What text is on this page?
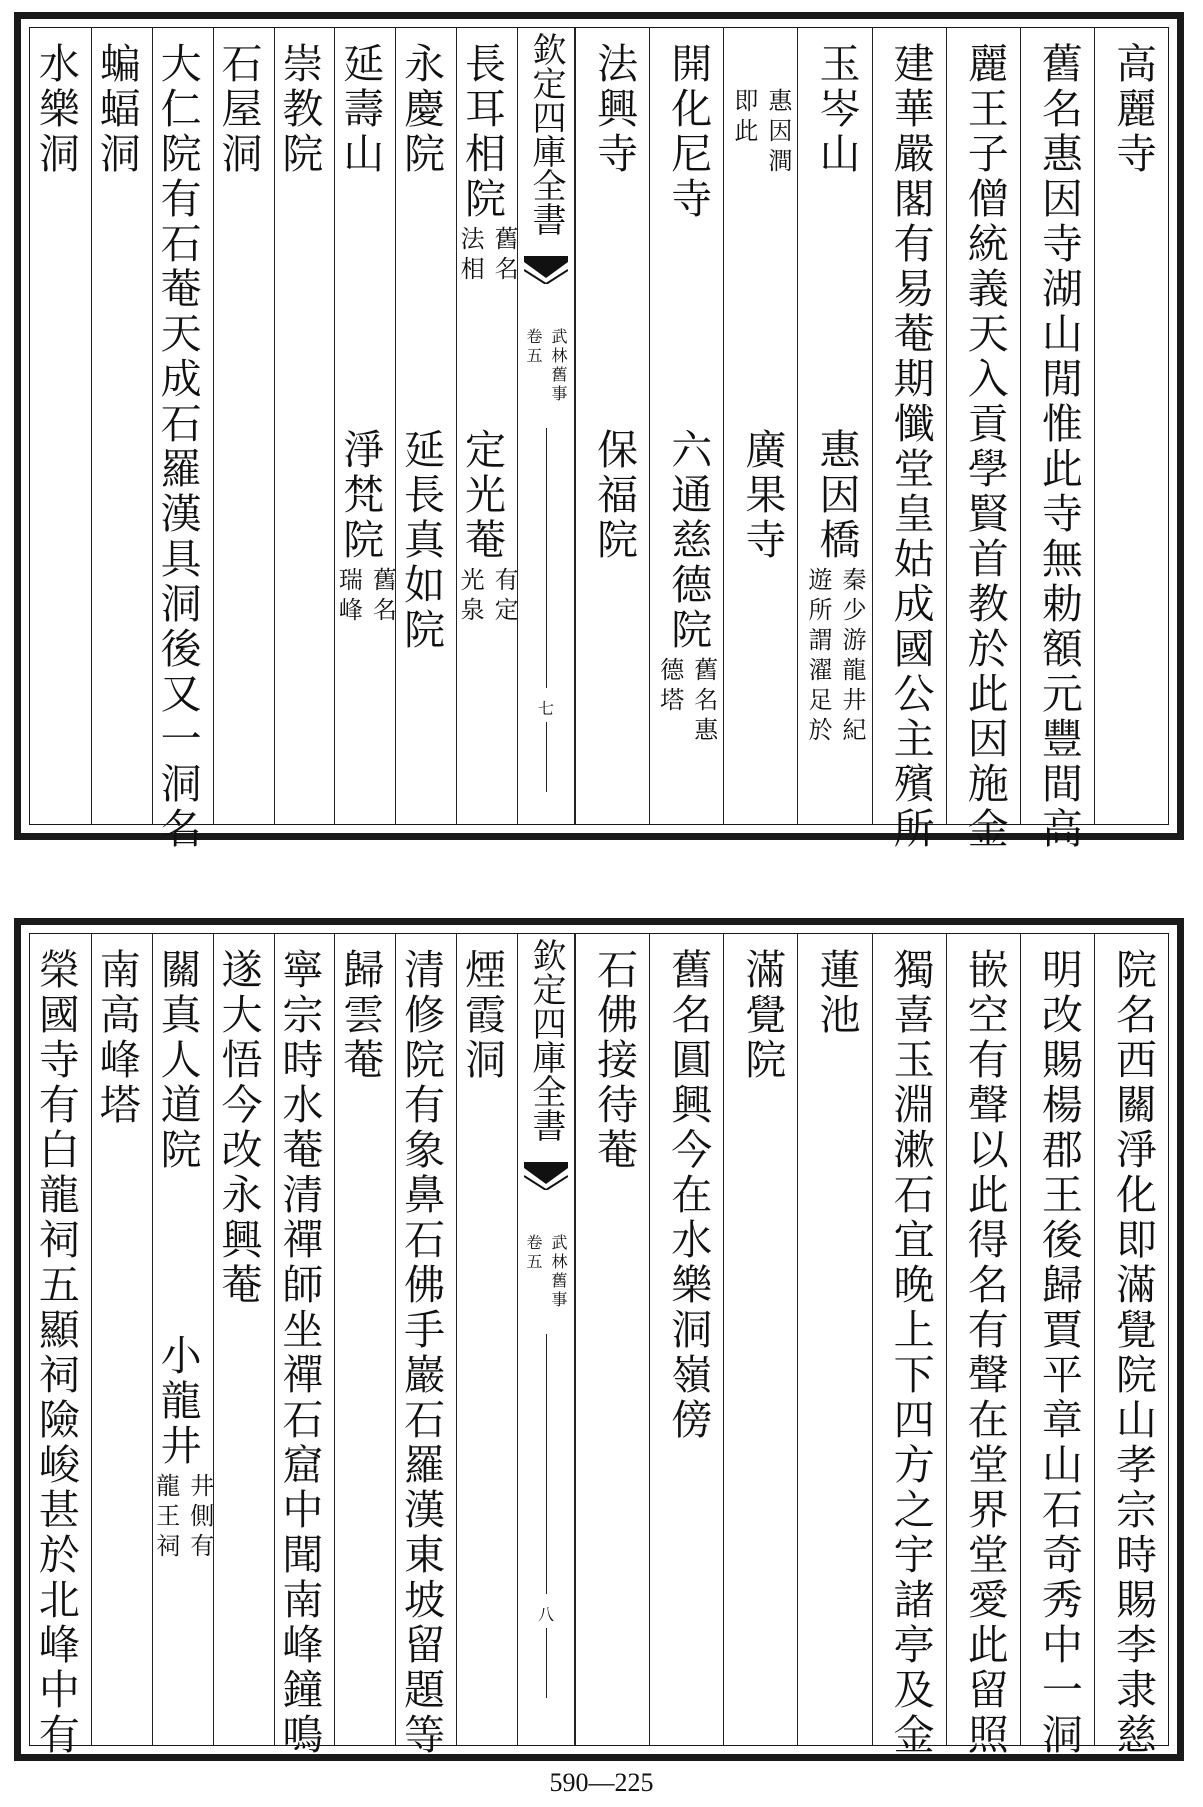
高麗寺
舊名惠因寺湖山閒惟此寺無勅額元豐間高
麗王子僧統義天入貢學賢首教於此因施金
建華嚴閣有易菴期懺堂皇姑成國公主殯所
玉岑山
惠因橋
秦少游龍井紀
遊所謂濯足於
惠因澗
即此
廣果寺
開化尼寺
六通慈德院
舊名惠
德塔
法興寺
保福院
長耳相院
舊名
法相
定光菴
有定
光泉
永慶院
延長真如院
延壽山
淨梵院
舊名
瑞峰
崇教院
石屋洞
大仁院有石菴天成石羅漢具洞後又一洞名
蝙蝠洞
水樂洞	欽定四庫全書
武林舊事
卷五
七
院名西關淨化即滿覺院山孝宗時賜李隶慈
明改賜楊郡王後歸賈平章山石奇秀中一洞
嵌空有聲以此得名有聲在堂界堂愛此留照
獨喜玉淵漱石宜晚上下四方之宇諸亭及金
蓮池
滿覺院
舊名圓興今在水樂洞嶺傍
石佛接待菴
煙霞洞
清修院有象鼻石佛手巖石羅漢東坡留題等
歸雲菴
寧宗時水菴清禪師坐禪石窟中聞南峰鐘鳴
遂大悟今改永興菴
關真人道院
小龍井
井側有
龍王祠
南高峰塔
榮國寺有白龍祠五顯祠險峻甚於北峰中有	欽定四庫全書
武林舊事
卷五
八
590—225
